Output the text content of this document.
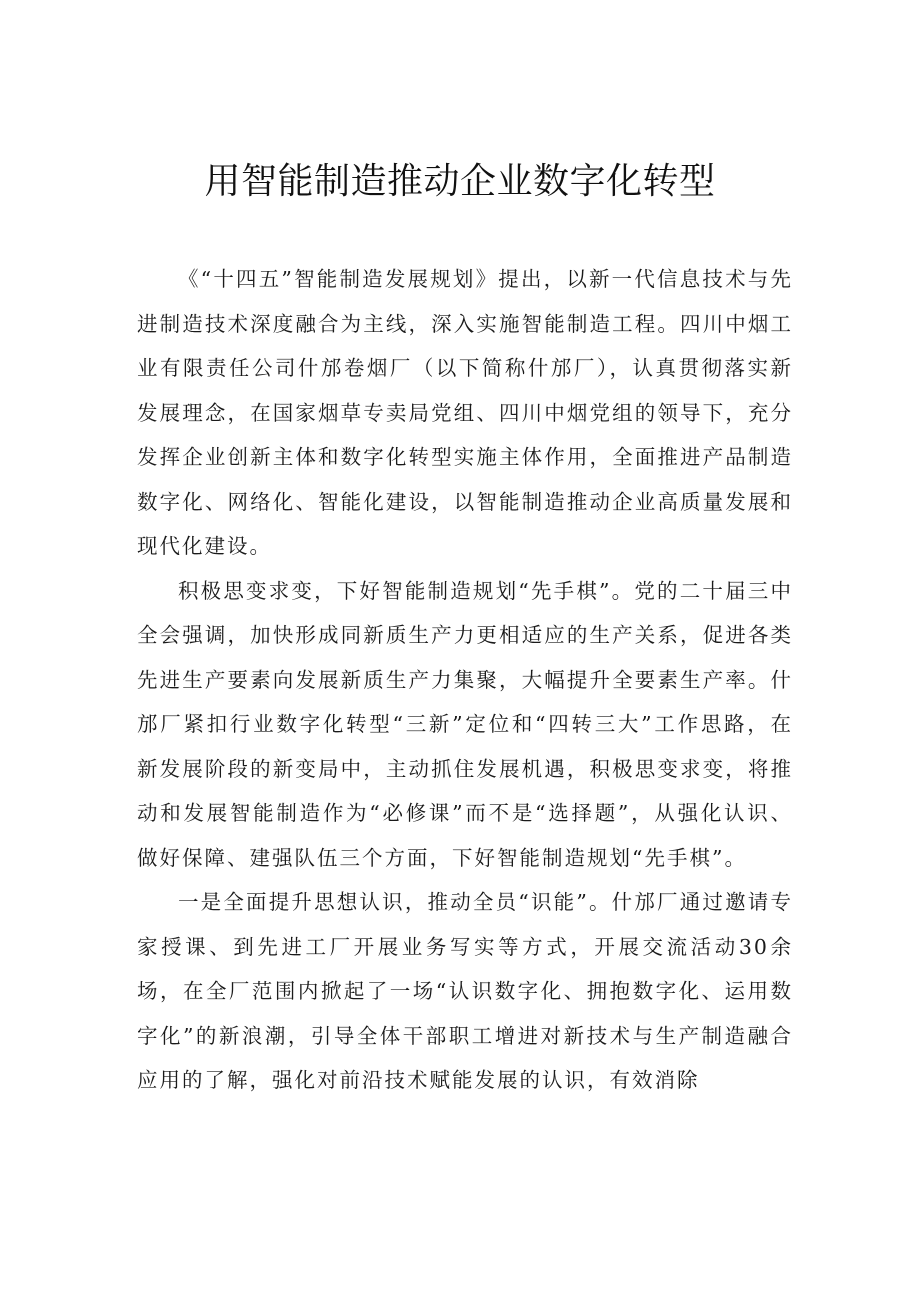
用智能制造推动企业数字化转型

《“十四五”智能制造发展规划》提出，以新一代信息技术与先进制造技术深度融合为主线，深入实施智能制造工程。四川中烟工业有限责任公司什邡卷烟厂（以下简称什邡厂），认真贯彻落实新发展理念，在国家烟草专卖局党组、四川中烟党组的领导下，充分发挥企业创新主体和数字化转型实施主体作用，全面推进产品制造数字化、网络化、智能化建设，以智能制造推动企业高质量发展和现代化建设。

积极思变求变，下好智能制造规划“先手棋”。党的二十届三中全会强调，加快形成同新质生产力更相适应的生产关系，促进各类先进生产要素向发展新质生产力集聚，大幅提升全要素生产率。什邡厂紧扣行业数字化转型“三新”定位和“四转三大”工作思路，在新发展阶段的新变局中，主动抓住发展机遇，积极思变求变，将推动和发展智能制造作为“必修课”而不是“选择题”，从强化认识、做好保障、建强队伍三个方面，下好智能制造规划“先手棋”。

一是全面提升思想认识，推动全员“识能”。什邡厂通过邀请专家授课、到先进工厂开展业务写实等方式，开展交流活动30余场，在全厂范围内掀起了一场“认识数字化、拥抱数字化、运用数字化”的新浪潮，引导全体干部职工增进对新技术与生产制造融合应用的了解，强化对前沿技术赋能发展的认识，有效消除
